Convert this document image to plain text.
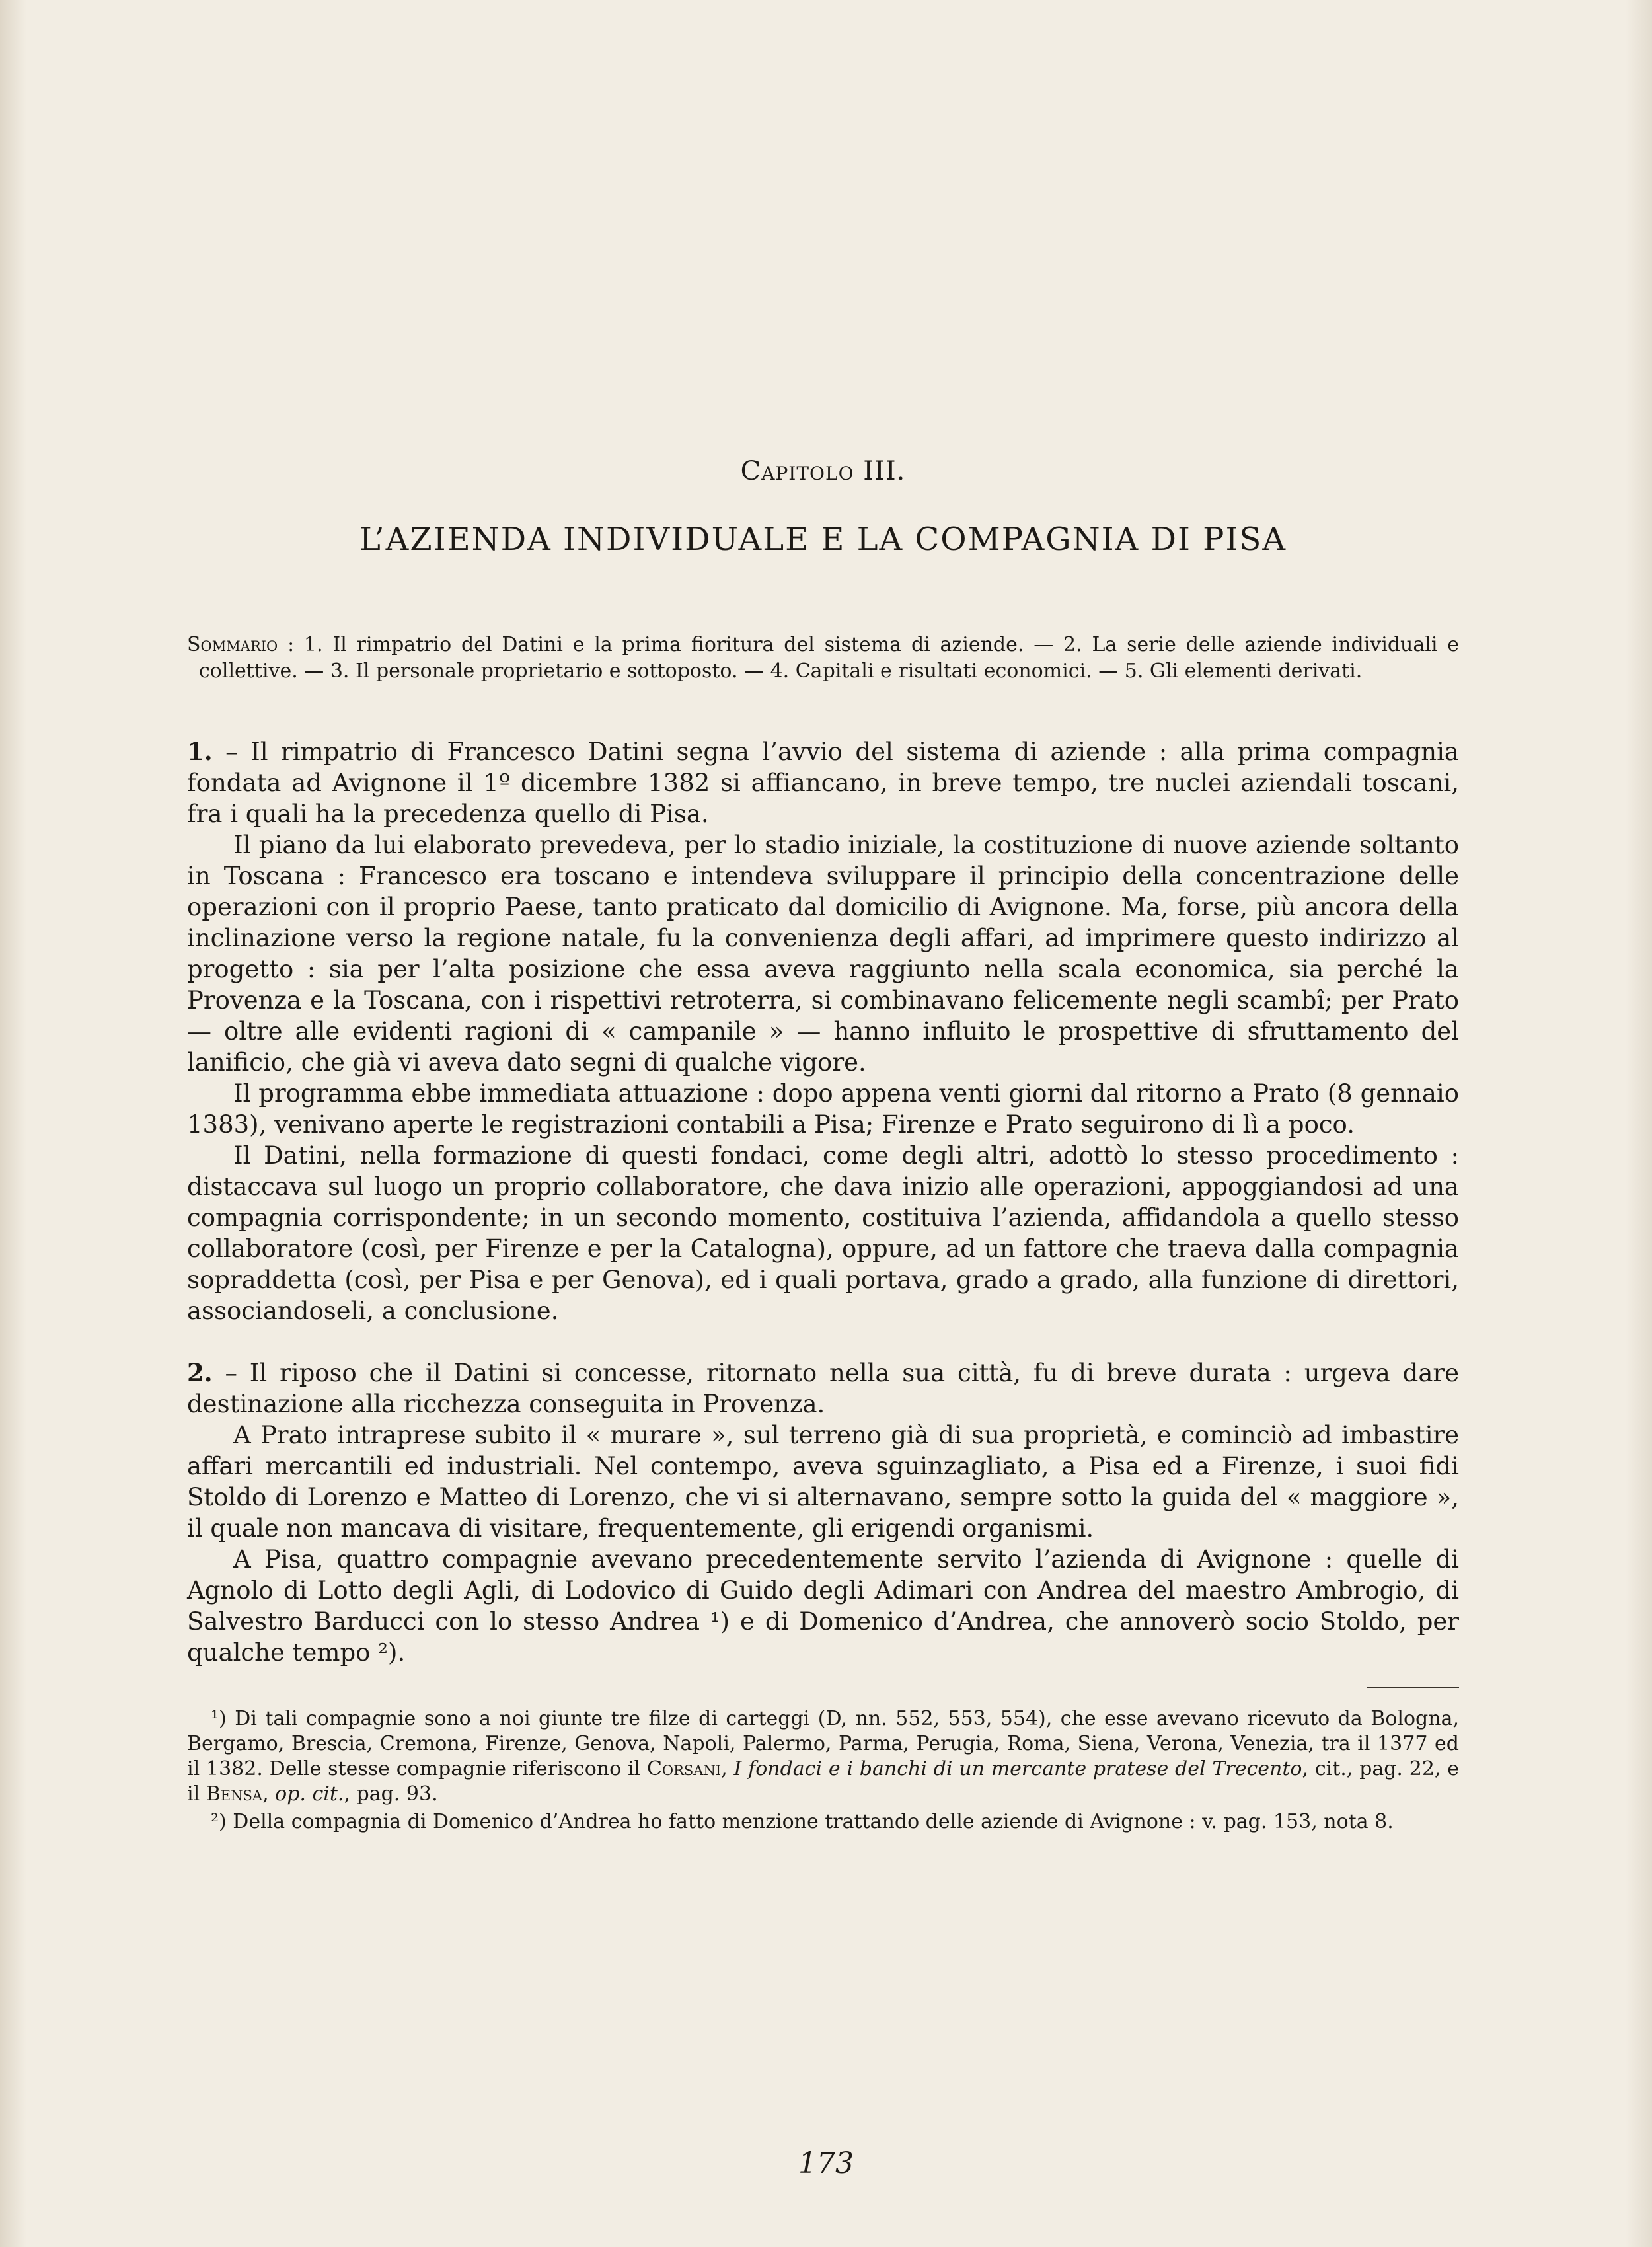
Capitolo III.
L’AZIENDA INDIVIDUALE E LA COMPAGNIA DI PISA

Sommario : 1. Il rimpatrio del Datini e la prima fioritura del sistema di aziende. — 2. La serie delle aziende individuali e collettive. — 3. Il personale proprietario e sottoposto. — 4. Capitali e risultati economici. — 5. Gli elementi derivati.

1. – Il rimpatrio di Francesco Datini segna l’avvio del sistema di aziende : alla prima compagnia fondata ad Avignone il 1º dicembre 1382 si affiancano, in breve tempo, tre nuclei aziendali toscani, fra i quali ha la precedenza quello di Pisa.

Il piano da lui elaborato prevedeva, per lo stadio iniziale, la costituzione di nuove aziende soltanto in Toscana : Francesco era toscano e intendeva sviluppare il principio della concentrazione delle operazioni con il proprio Paese, tanto praticato dal domicilio di Avignone. Ma, forse, più ancora della inclinazione verso la regione natale, fu la convenienza degli affari, ad imprimere questo indirizzo al progetto : sia per l’alta posizione che essa aveva raggiunto nella scala economica, sia perché la Provenza e la Toscana, con i rispettivi retroterra, si combinavano felicemente negli scambî; per Prato — oltre alle evidenti ragioni di « campanile » — hanno influito le prospettive di sfruttamento del lanificio, che già vi aveva dato segni di qualche vigore.

Il programma ebbe immediata attuazione : dopo appena venti giorni dal ritorno a Prato (8 gennaio 1383), venivano aperte le registrazioni contabili a Pisa; Firenze e Prato seguirono di lì a poco.

Il Datini, nella formazione di questi fondaci, come degli altri, adottò lo stesso procedimento : distaccava sul luogo un proprio collaboratore, che dava inizio alle operazioni, appoggiandosi ad una compagnia corrispondente; in un secondo momento, costituiva l’azienda, affidandola a quello stesso collaboratore (così, per Firenze e per la Catalogna), oppure, ad un fattore che traeva dalla compagnia sopraddetta (così, per Pisa e per Genova), ed i quali portava, grado a grado, alla funzione di direttori, associandoseli, a conclusione.

2. – Il riposo che il Datini si concesse, ritornato nella sua città, fu di breve durata : urgeva dare destinazione alla ricchezza conseguita in Provenza.

A Prato intraprese subito il « murare », sul terreno già di sua proprietà, e cominciò ad imbastire affari mercantili ed industriali. Nel contempo, aveva sguinzagliato, a Pisa ed a Firenze, i suoi fidi Stoldo di Lorenzo e Matteo di Lorenzo, che vi si alternavano, sempre sotto la guida del « maggiore », il quale non mancava di visitare, frequentemente, gli erigendi organismi.

A Pisa, quattro compagnie avevano precedentemente servito l’azienda di Avignone : quelle di Agnolo di Lotto degli Agli, di Lodovico di Guido degli Adimari con Andrea del maestro Ambrogio, di Salvestro Barducci con lo stesso Andrea ¹) e di Domenico d’Andrea, che annoverò socio Stoldo, per qualche tempo ²).

¹) Di tali compagnie sono a noi giunte tre filze di carteggi (D, nn. 552, 553, 554), che esse avevano ricevuto da Bologna, Bergamo, Brescia, Cremona, Firenze, Genova, Napoli, Palermo, Parma, Perugia, Roma, Siena, Verona, Venezia, tra il 1377 ed il 1382. Delle stesse compagnie riferiscono il Corsani, I fondaci e i banchi di un mercante pratese del Trecento, cit., pag. 22, e il Bensa, op. cit., pag. 93.

²) Della compagnia di Domenico d’Andrea ho fatto menzione trattando delle aziende di Avignone : v. pag. 153, nota 8.

173
